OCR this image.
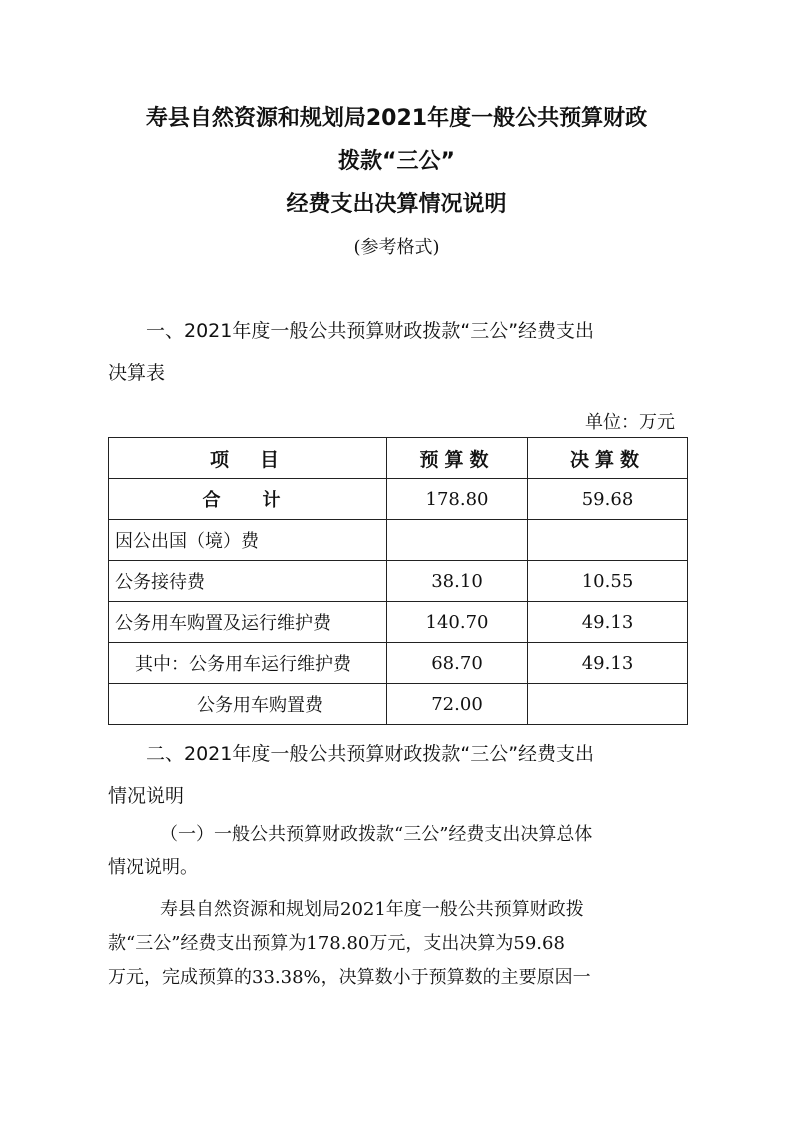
寿县自然资源和规划局2021年度一般公共预算财政
拨款“三公”
经费支出决算情况说明
(参考格式)
一、2021年度一般公共预算财政拨款“三公”经费支出
决算表
单位：万元
项　目	预算数	决算数
合　计	178.80	59.68
因公出国（境）费		
公务接待费	38.10	10.55
公务用车购置及运行维护费	140.70	49.13
其中：公务用车运行维护费	68.70	49.13
公务用车购置费	72.00	
二、2021年度一般公共预算财政拨款“三公”经费支出
情况说明
（一）一般公共预算财政拨款“三公”经费支出决算总体
情况说明。
寿县自然资源和规划局2021年度一般公共预算财政拨
款“三公”经费支出预算为178.80万元，支出决算为59.68
万元，完成预算的33.38%，决算数小于预算数的主要原因一
